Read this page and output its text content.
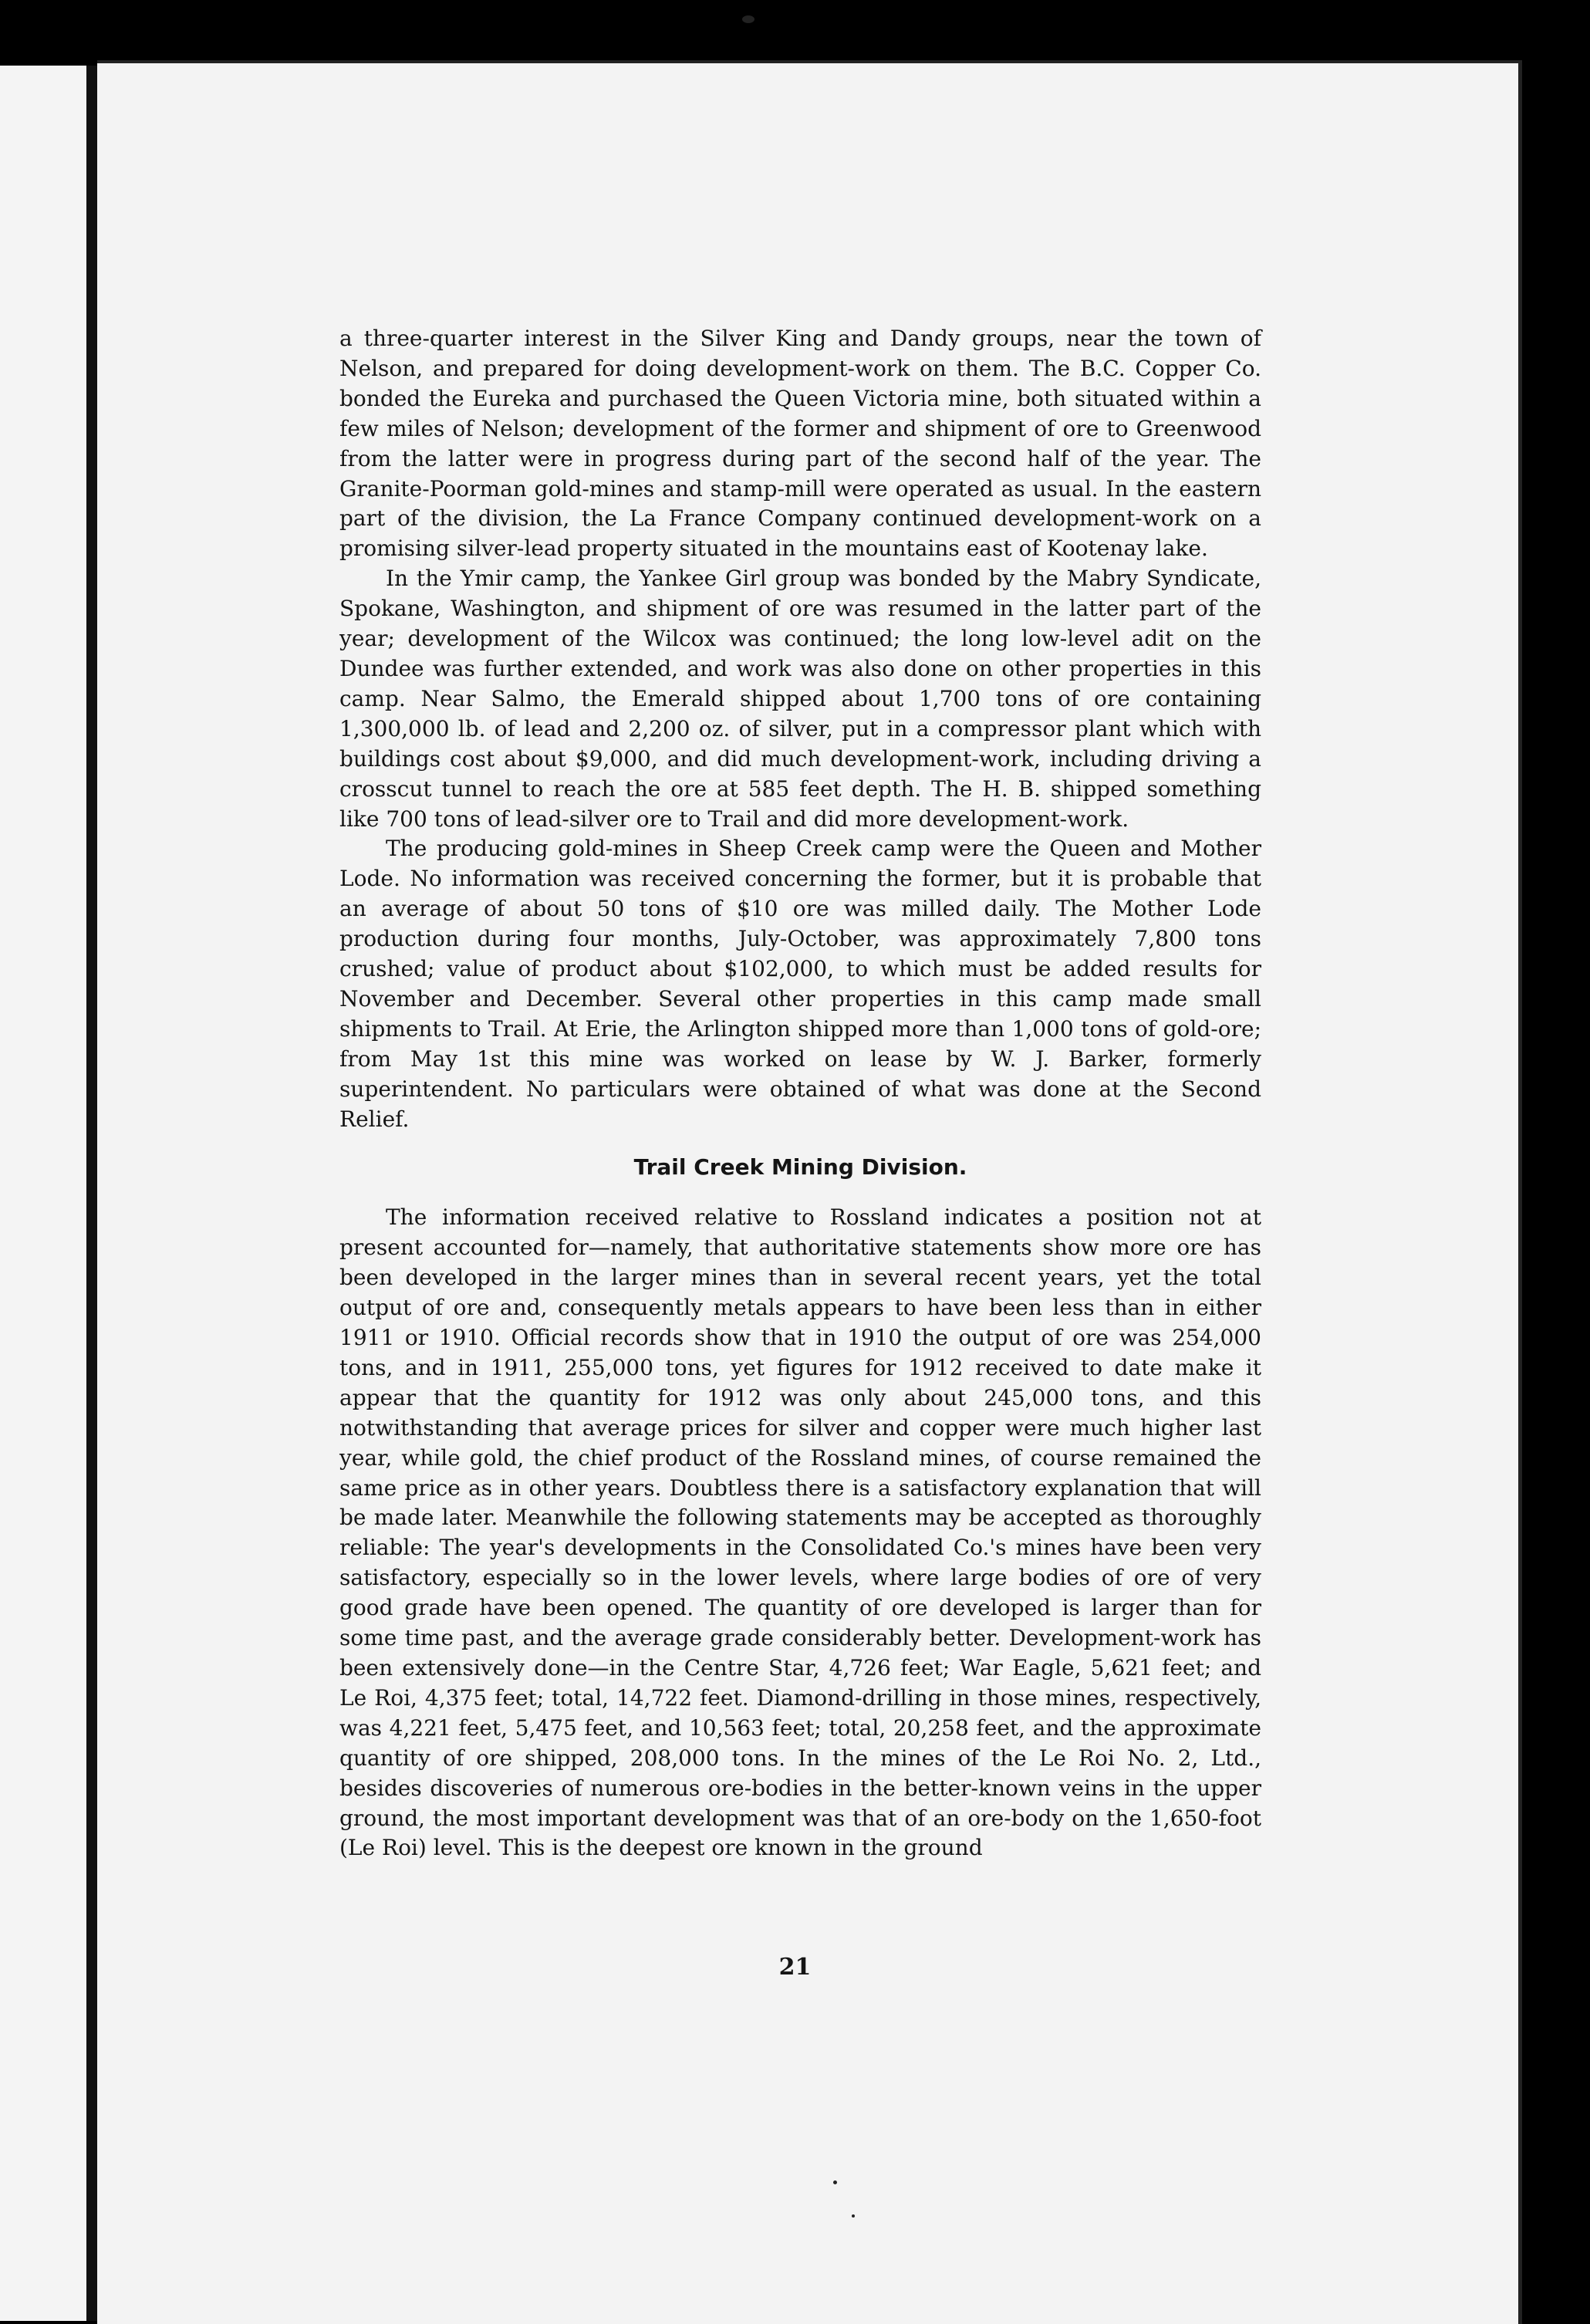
a three-quarter interest in the Silver King and Dandy groups, near the town of Nelson, and prepared for doing development-work on them. The B.C. Copper Co. bonded the Eureka and purchased the Queen Victoria mine, both situated within a few miles of Nelson; development of the former and shipment of ore to Greenwood from the latter were in progress during part of the second half of the year. The Granite-Poorman gold-mines and stamp-mill were operated as usual. In the eastern part of the division, the La France Company continued development-work on a promising silver-lead property situated in the mountains east of Kootenay lake.

In the Ymir camp, the Yankee Girl group was bonded by the Mabry Syndicate, Spokane, Washington, and shipment of ore was resumed in the latter part of the year; development of the Wilcox was continued; the long low-level adit on the Dundee was further extended, and work was also done on other properties in this camp. Near Salmo, the Emerald shipped about 1,700 tons of ore containing 1,300,000 lb. of lead and 2,200 oz. of silver, put in a compressor plant which with buildings cost about $9,000, and did much development-work, including driving a crosscut tunnel to reach the ore at 585 feet depth. The H. B. shipped something like 700 tons of lead-silver ore to Trail and did more development-work.

The producing gold-mines in Sheep Creek camp were the Queen and Mother Lode. No information was received concerning the former, but it is probable that an average of about 50 tons of $10 ore was milled daily. The Mother Lode production during four months, July-October, was approximately 7,800 tons crushed; value of product about $102,000, to which must be added results for November and December. Several other properties in this camp made small shipments to Trail. At Erie, the Arlington shipped more than 1,000 tons of gold-ore; from May 1st this mine was worked on lease by W. J. Barker, formerly superintendent. No particulars were obtained of what was done at the Second Relief.

Trail Creek Mining Division.

The information received relative to Rossland indicates a position not at present accounted for—namely, that authoritative statements show more ore has been developed in the larger mines than in several recent years, yet the total output of ore and, consequently metals appears to have been less than in either 1911 or 1910. Official records show that in 1910 the output of ore was 254,000 tons, and in 1911, 255,000 tons, yet figures for 1912 received to date make it appear that the quantity for 1912 was only about 245,000 tons, and this notwithstanding that average prices for silver and copper were much higher last year, while gold, the chief product of the Rossland mines, of course remained the same price as in other years. Doubtless there is a satisfactory explanation that will be made later. Meanwhile the following statements may be accepted as thoroughly reliable: The year's developments in the Consolidated Co.'s mines have been very satisfactory, especially so in the lower levels, where large bodies of ore of very good grade have been opened. The quantity of ore developed is larger than for some time past, and the average grade considerably better. Development-work has been extensively done—in the Centre Star, 4,726 feet; War Eagle, 5,621 feet; and Le Roi, 4,375 feet; total, 14,722 feet. Diamond-drilling in those mines, respectively, was 4,221 feet, 5,475 feet, and 10,563 feet; total, 20,258 feet, and the approximate quantity of ore shipped, 208,000 tons. In the mines of the Le Roi No. 2, Ltd., besides discoveries of numerous ore-bodies in the better-known veins in the upper ground, the most important development was that of an ore-body on the 1,650-foot (Le Roi) level. This is the deepest ore known in the ground

21
